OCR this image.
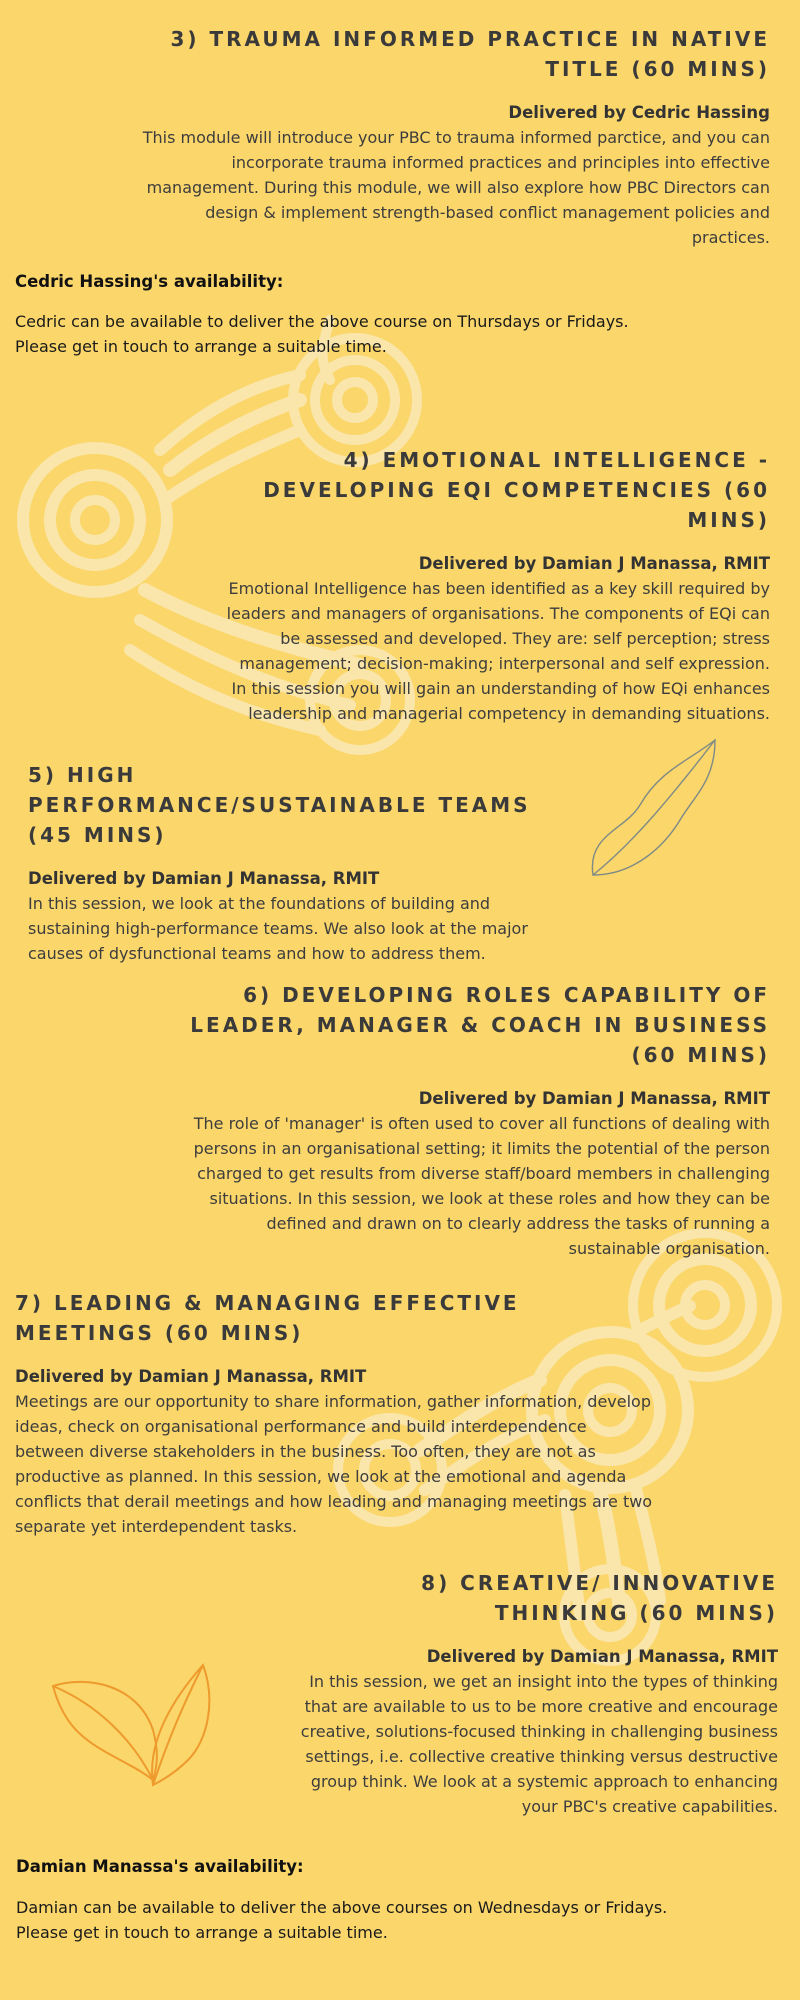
3) TRAUMA INFORMED PRACTICE IN NATIVE TITLE (60 MINS)

Delivered by Cedric Hassing

This module will introduce your PBC to trauma informed parctice, and you can incorporate trauma informed practices and principles into effective management. During this module, we will also explore how PBC Directors can design & implement strength-based conflict management policies and practices.

Cedric Hassing's availability:

Cedric can be available to deliver the above course on Thursdays or Fridays.

Please get in touch to arrange a suitable time.

4) EMOTIONAL INTELLIGENCE - DEVELOPING EQI COMPETENCIES (60 MINS)

Delivered by Damian J Manassa, RMIT

Emotional Intelligence has been identified as a key skill required by leaders and managers of organisations. The components of EQi can be assessed and developed. They are: self perception; stress management; decision-making; interpersonal and self expression. In this session you will gain an understanding of how EQi enhances leadership and managerial competency in demanding situations.

5) HIGH PERFORMANCE/SUSTAINABLE TEAMS (45 MINS)

Delivered by Damian J Manassa, RMIT

In this session, we look at the foundations of building and sustaining high-performance teams. We also look at the major causes of dysfunctional teams and how to address them.

6) DEVELOPING ROLES CAPABILITY OF LEADER, MANAGER & COACH IN BUSINESS (60 MINS)

Delivered by Damian J Manassa, RMIT

The role of 'manager' is often used to cover all functions of dealing with persons in an organisational setting; it limits the potential of the person charged to get results from diverse staff/board members in challenging situations. In this session, we look at these roles and how they can be defined and drawn on to clearly address the tasks of running a sustainable organisation.

7) LEADING & MANAGING EFFECTIVE MEETINGS (60 MINS)

Delivered by Damian J Manassa, RMIT

Meetings are our opportunity to share information, gather information, develop ideas, check on organisational performance and build interdependence between diverse stakeholders in the business. Too often, they are not as productive as planned. In this session, we look at the emotional and agenda conflicts that derail meetings and how leading and managing meetings are two separate yet interdependent tasks.

8) CREATIVE/ INNOVATIVE THINKING (60 MINS)

Delivered by Damian J Manassa, RMIT

In this session, we get an insight into the types of thinking that are available to us to be more creative and encourage creative, solutions-focused thinking in challenging business settings, i.e. collective creative thinking versus destructive group think. We look at a systemic approach to enhancing your PBC's creative capabilities.

Damian Manassa's availability:

Damian can be available to deliver the above courses on Wednesdays or Fridays.

Please get in touch to arrange a suitable time.
